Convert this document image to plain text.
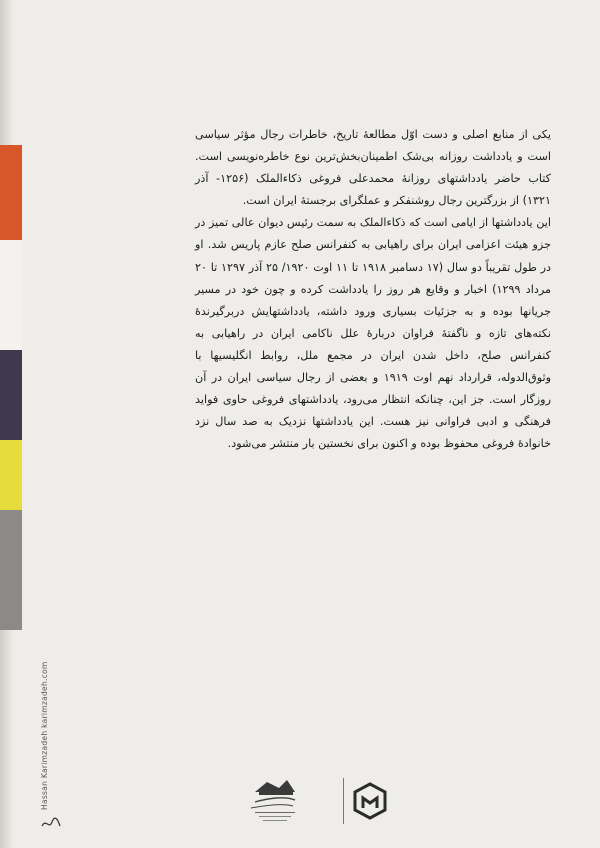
یکی از منابع اصلی و دست اوّل مطالعهٔ تاریخ، خاطرات رجال مؤثر سیاسی است و یادداشت روزانه بی‌شک اطمینان‌بخش‌ترین نوع خاطره‌نویسی است. کتاب حاضر یادداشتهای روزانهٔ محمدعلی فروغی ذکاءالملک (۱۲۵۶- آذر ۱۳۲۱) از بزرگترین رجال روشنفکر و عملگرای برجستهٔ ایران است.

این یادداشتها از ایامی است که ذکاءالملک به سمت رئیس دیوان عالی تمیز در جزو هیئت اعزامی ایران برای راهیابی به کنفرانس صلح عازم پاریس شد. او در طول تقریباً دو سال (۱۷ دسامبر ۱۹۱۸ تا ۱۱ اوت ۱۹۲۰/ ۲۵ آذر ۱۲۹۷ تا ۲۰ مرداد ۱۲۹۹) اخبار و وقایع هر روز را یادداشت کرده و چون خود در مسیر جریانها بوده و به جزئیات بسیاری ورود داشته، یادداشتهایش دربرگیرندهٔ نکته‌های تازه و ناگفتهٔ فراوان دربارهٔ علل ناکامی ایران در راهیابی به کنفرانس صلح، داخل شدن ایران در مجمع ملل، روابط انگلیسیها با وثوق‌الدوله، قرارداد نهم اوت ۱۹۱۹ و بعضی از رجال سیاسی ایران در آن روزگار است. جز این، چنانکه انتظار می‌رود، یادداشتهای فروغی حاوی فواید فرهنگی و ادبی فراوانی نیز هست. این یادداشتها نزدیک به صد سال نزد خانوادهٔ فروغی محفوظ بوده و اکنون برای نخستین بار منتشر می‌شود.

Hassan Karimzadeh karimzadeh.com
